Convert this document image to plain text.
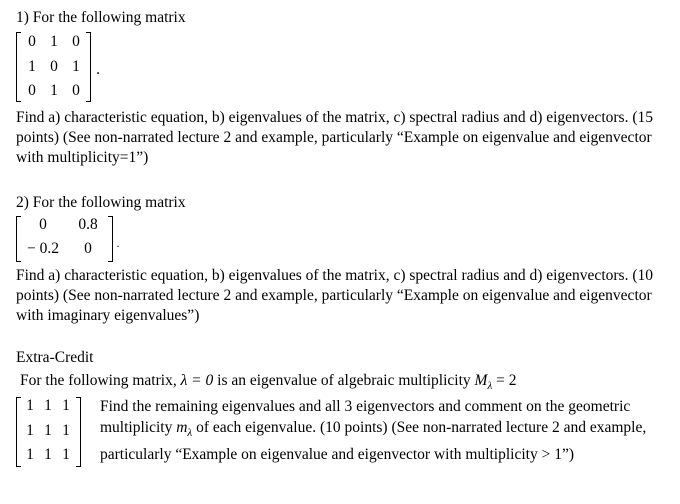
1) For the following matrix
0 1 0
1 0 1
0 1 0
.
Find a) characteristic equation, b) eigenvalues of the matrix, c) spectral radius and d) eigenvectors. (15 points) (See non-narrated lecture 2 and example, particularly “Example on eigenvalue and eigenvector with multiplicity=1”)
2) For the following matrix
0	0.8
− 0.2	0	.
Find a) characteristic equation, b) eigenvalues of the matrix, c) spectral radius and d) eigenvectors. (10 points) (See non-narrated lecture 2 and example, particularly “Example on eigenvalue and eigenvector with imaginary eigenvalues”)
Extra-Credit
For the following matrix, λ = 0 is an eigenvalue of algebraic multiplicity $M_\lambda = 2$
1 1 1
1 1 1
1 1 1
Find the remaining eigenvalues and all 3 eigenvectors and comment on the geometric multiplicity $m_\lambda$ of each eigenvalue. (10 points) (See non-narrated lecture 2 and example, particularly “Example on eigenvalue and eigenvector with multiplicity > 1”)
